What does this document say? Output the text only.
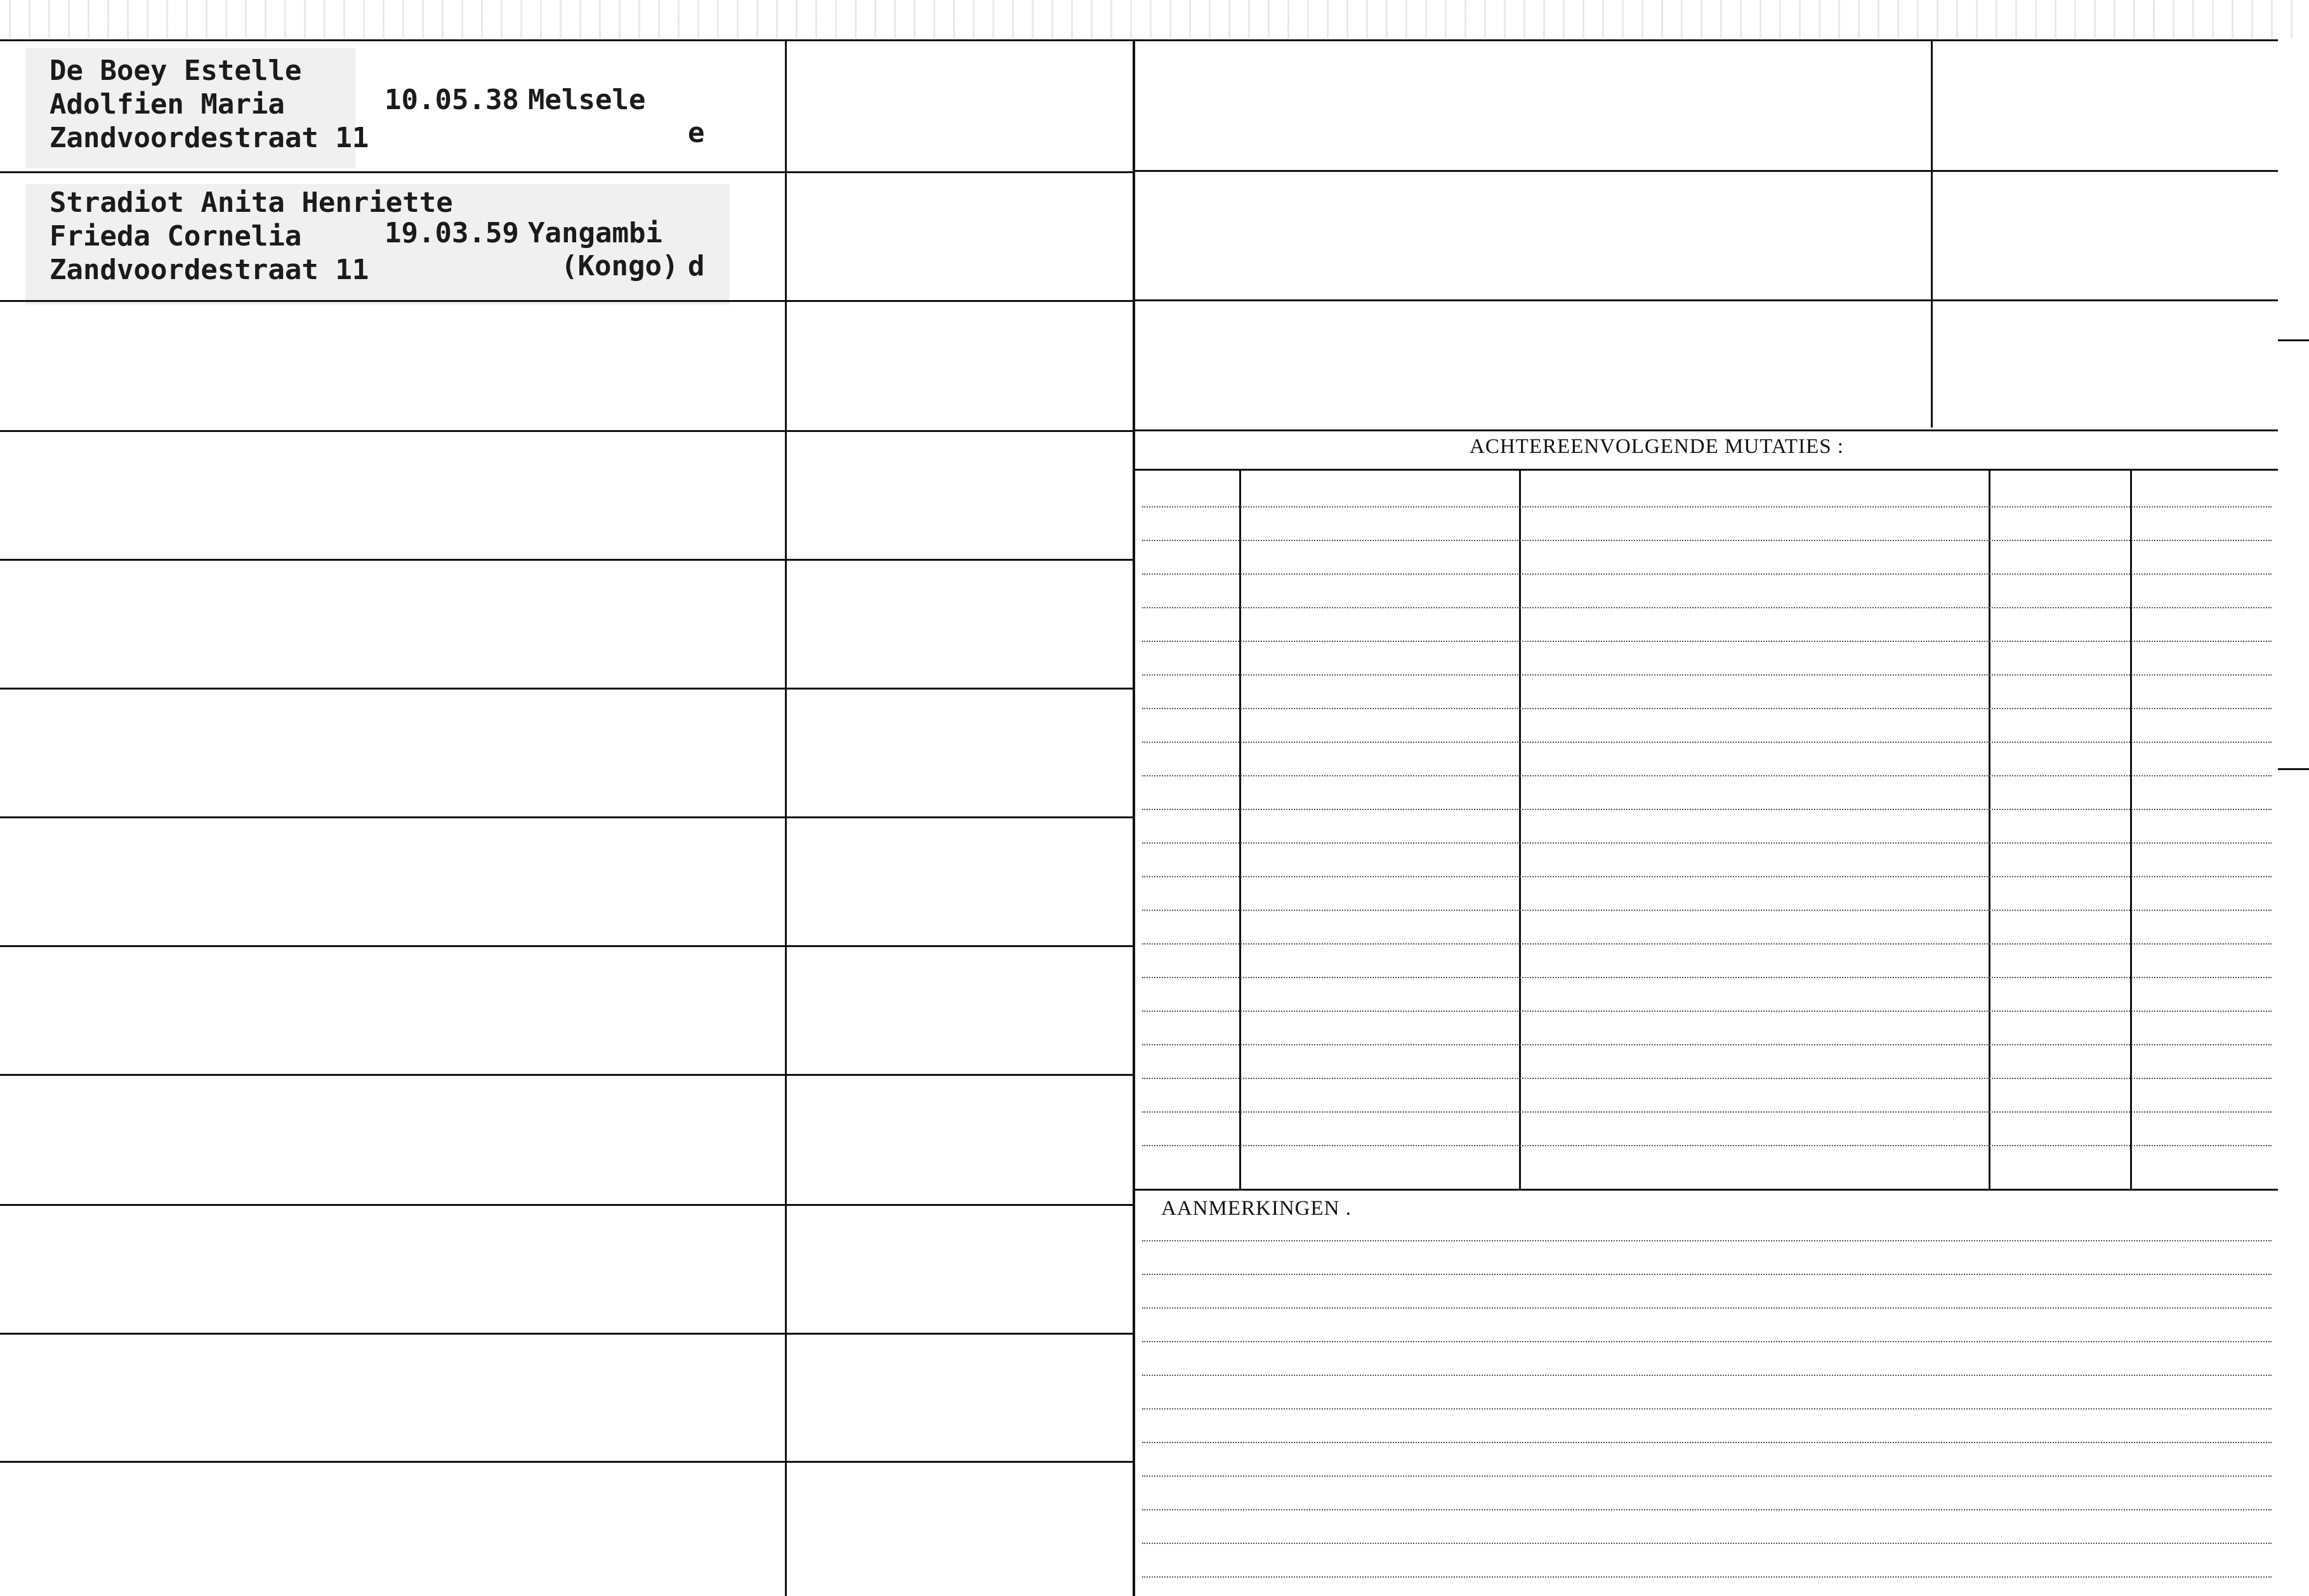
ACHTEREENVOLGENDE MUTATIES :
AANMERKINGEN .
De Boey Estelle
Adolfien Maria
Zandvoordestraat 11
10.05.38 Melsele
e
Stradiot Anita Henriette
Frieda Cornelia
Zandvoordestraat 11
19.03.59 Yangambi
(Kongo) d
